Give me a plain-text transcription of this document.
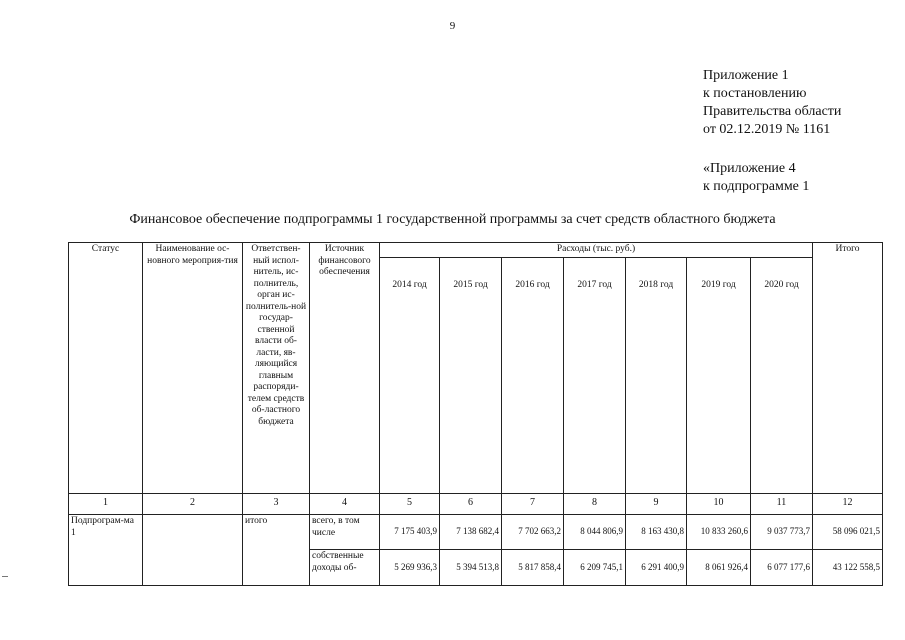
9
Приложение 1
к постановлению
Правительства области
от 02.12.2019 № 1161
«Приложение 4
к подпрограмме 1
Финансовое обеспечение подпрограммы 1 государственной программы за счет средств областного бюджета
Статус	Наименование ос-новного мероприя-тия	Ответствен-ный испол-нитель, ис-полнитель, орган ис-полнитель-ной государ-ственной власти об-ласти, яв-ляющийся главным распоряди-телем средств об-ластного бюджета	Источник финансового обеспечения	Расходы (тыс. руб.)							Итого
				2014 год	2015 год	2016 год	2017 год	2018 год	2019 год	2020 год	

1	2	3	4	5	6	7	8	9	10	11	12
Подпрограм-ма 1		итого	всего, в том числе	7 175 403,9	7 138 682,4	7 702 663,2	8 044 806,9	8 163 430,8	10 833 260,6	9 037 773,7	58 096 021,5
			собственные доходы об-	5 269 936,3	5 394 513,8	5 817 858,4	6 209 745,1	6 291 400,9	8 061 926,4	6 077 177,6	43 122 558,5
